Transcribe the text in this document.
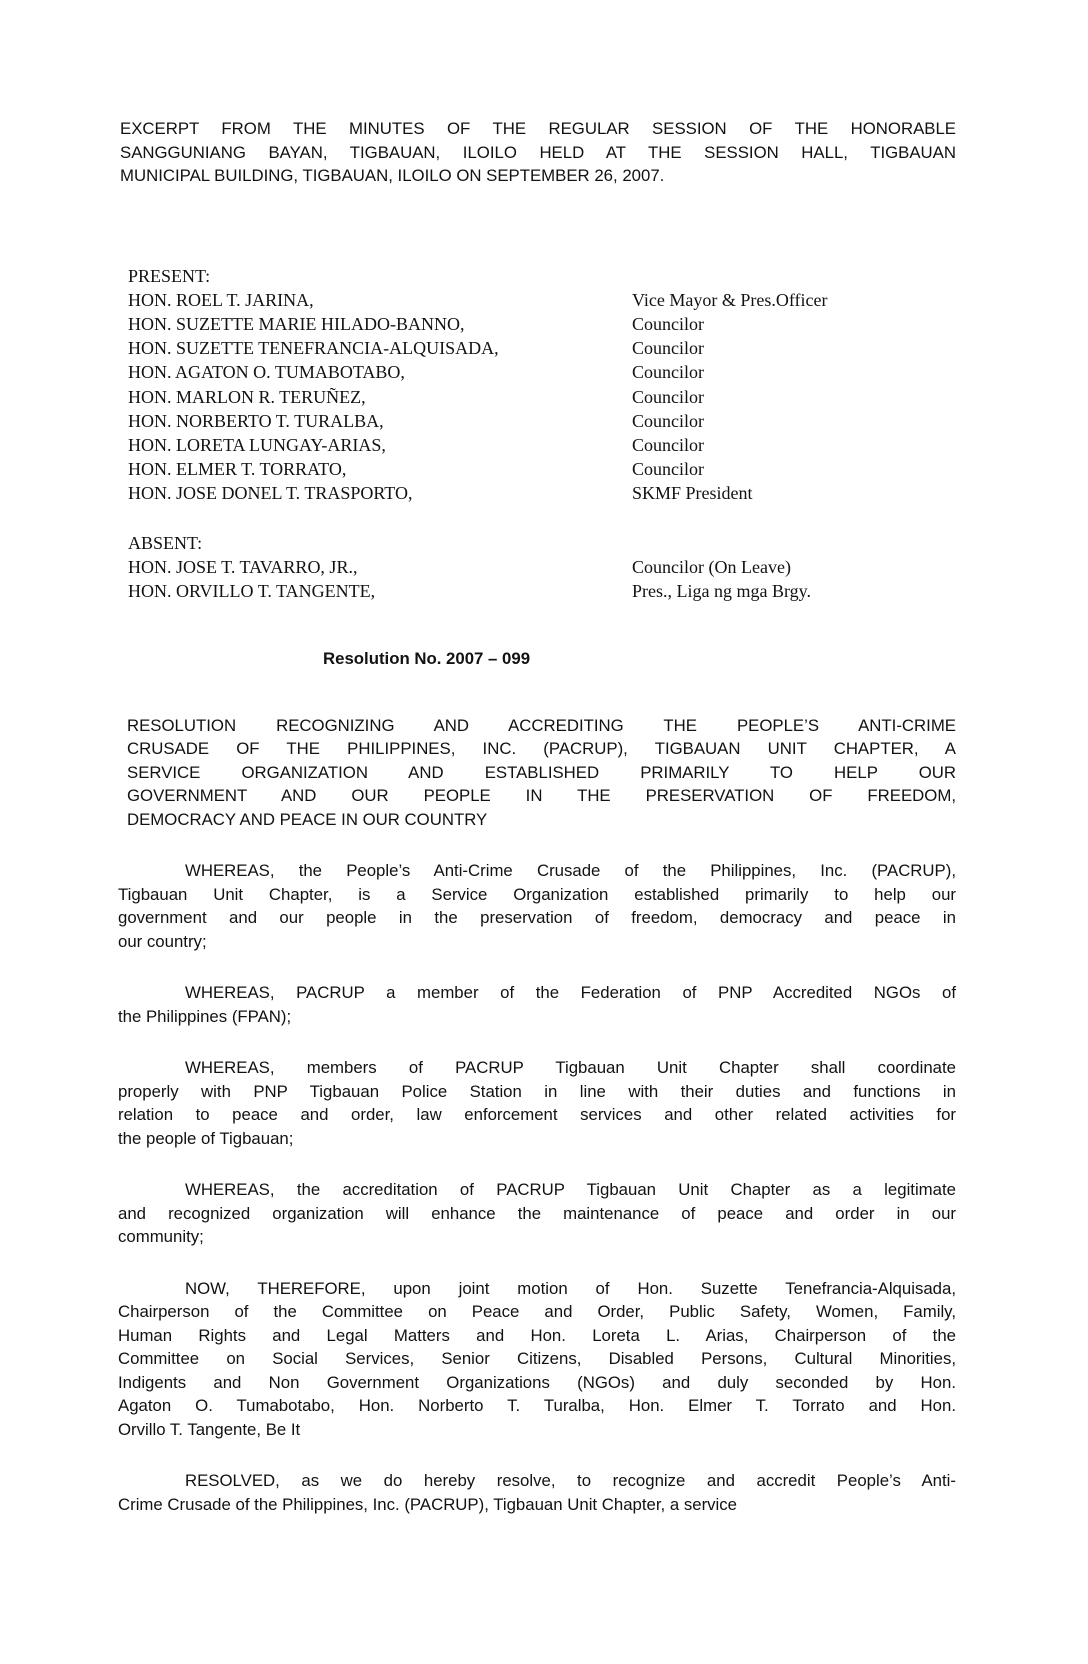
EXCERPT FROM THE MINUTES OF THE REGULAR SESSION OF THE HONORABLE
SANGGUNIANG BAYAN, TIGBAUAN, ILOILO HELD AT THE SESSION HALL, TIGBAUAN
MUNICIPAL BUILDING, TIGBAUAN, ILOILO ON SEPTEMBER 26, 2007.
PRESENT:
HON. ROEL T. JARINA,	Vice Mayor & Pres.Officer
HON. SUZETTE MARIE HILADO-BANNO,	Councilor
HON. SUZETTE TENEFRANCIA-ALQUISADA,	Councilor
HON. AGATON O. TUMABOTABO,	Councilor
HON. MARLON R. TERUÑEZ,	Councilor
HON. NORBERTO T. TURALBA,	Councilor
HON. LORETA LUNGAY-ARIAS,	Councilor
HON. ELMER T. TORRATO,	Councilor
HON. JOSE DONEL T. TRASPORTO,	SKMF President
ABSENT:
HON. JOSE T. TAVARRO, JR.,	Councilor (On Leave)
HON. ORVILLO T. TANGENTE,	Pres., Liga ng mga Brgy.
Resolution No. 2007 – 099
RESOLUTION RECOGNIZING AND ACCREDITING THE PEOPLE’S ANTI-CRIME
CRUSADE OF THE PHILIPPINES, INC. (PACRUP), TIGBAUAN UNIT CHAPTER, A
SERVICE ORGANIZATION AND ESTABLISHED PRIMARILY TO HELP OUR
GOVERNMENT AND OUR PEOPLE IN THE PRESERVATION OF FREEDOM,
DEMOCRACY AND PEACE IN OUR COUNTRY
WHEREAS, the People’s Anti-Crime Crusade of the Philippines, Inc. (PACRUP),
Tigbauan Unit Chapter, is a Service Organization established primarily to help our
government and our people in the preservation of freedom, democracy and peace in
our country;
WHEREAS, PACRUP a member of the Federation of PNP Accredited NGOs of
the Philippines (FPAN);
WHEREAS, members of PACRUP Tigbauan Unit Chapter shall coordinate
properly with PNP Tigbauan Police Station in line with their duties and functions in
relation to peace and order, law enforcement services and other related activities for
the people of Tigbauan;
WHEREAS, the accreditation of PACRUP Tigbauan Unit Chapter as a legitimate
and recognized organization will enhance the maintenance of peace and order in our
community;
NOW, THEREFORE, upon joint motion of Hon. Suzette Tenefrancia-Alquisada,
Chairperson of the Committee on Peace and Order, Public Safety, Women, Family,
Human Rights and Legal Matters and Hon. Loreta L. Arias, Chairperson of the
Committee on Social Services, Senior Citizens, Disabled Persons, Cultural Minorities,
Indigents and Non Government Organizations (NGOs) and duly seconded by Hon.
Agaton O. Tumabotabo, Hon. Norberto T. Turalba, Hon. Elmer T. Torrato and Hon.
Orvillo T. Tangente, Be It
RESOLVED, as we do hereby resolve, to recognize and accredit People’s Anti-
Crime Crusade of the Philippines, Inc. (PACRUP), Tigbauan Unit Chapter, a service
